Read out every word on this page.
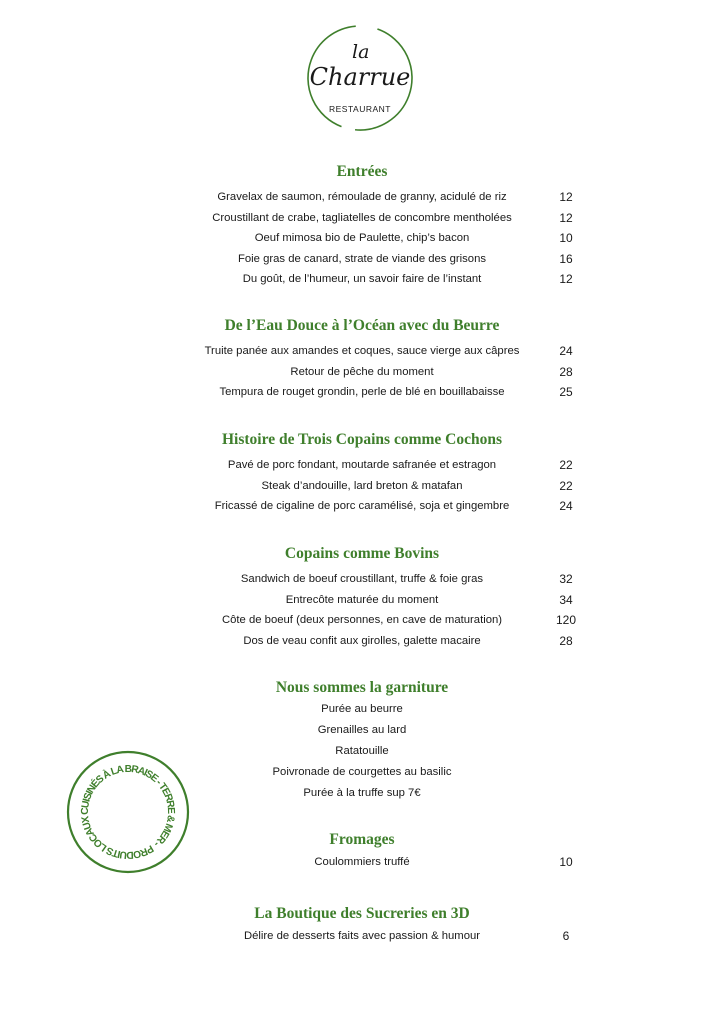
la
Charrue
RESTAURANT
Entrées
Gravelax de saumon, rémoulade de granny, acidulé de riz	12
Croustillant de crabe, tagliatelles de concombre mentholées	12
Oeuf mimosa bio de Paulette, chip’s bacon	10
Foie gras de canard, strate de viande des grisons	16
Du goût, de l’humeur, un savoir faire de l’instant	12
De l’Eau Douce à l’Océan avec du Beurre
Truite panée aux amandes et coques, sauce vierge aux câpres	24
Retour de pêche du moment	28
Tempura de rouget grondin, perle de blé en bouillabaisse	25
Histoire de Trois Copains comme Cochons
Pavé de porc fondant, moutarde safranée et estragon	22
Steak d’andouille, lard breton & matafan	22
Fricassé de cigaline de porc caramélisé, soja et gingembre	24
Copains comme Bovins
Sandwich de boeuf croustillant, truffe & foie gras	32
Entrecôte maturée du moment	34
Côte de boeuf (deux personnes, en cave de maturation)	120
Dos de veau confit aux girolles, galette macaire	28
Nous sommes la garniture
Purée au beurre
Grenailles au lard
Ratatouille
Poivronade de courgettes au basilic
Purée à la truffe sup 7€
Fromages
Coulommiers truffé	10
La Boutique des Sucreries en 3D
Délire de desserts faits avec passion & humour	6
PRODUITS LOCAUX CUISINÉS À LA BRAISE - TERRE & MER -
